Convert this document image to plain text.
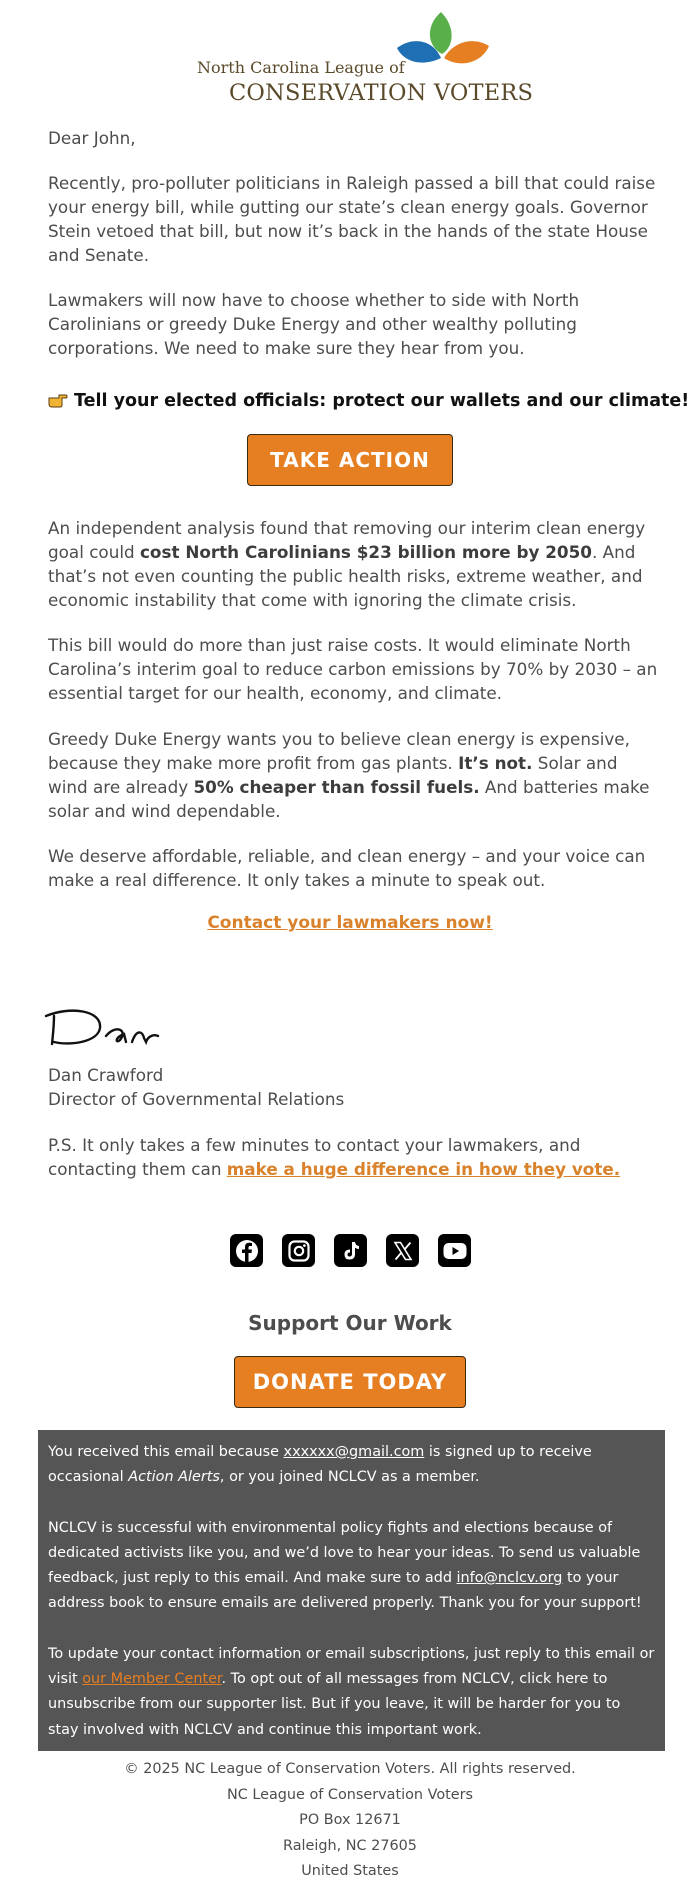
North Carolina League of
CONSERVATION VOTERS

Dear John,

Recently, pro-polluter politicians in Raleigh passed a bill that could raise your energy bill, while gutting our state’s clean energy goals. Governor Stein vetoed that bill, but now it’s back in the hands of the state House and Senate.

Lawmakers will now have to choose whether to side with North Carolinians or greedy Duke Energy and other wealthy polluting corporations. We need to make sure they hear from you.

Tell your elected officials: protect our wallets and our climate!
TAKE ACTION

An independent analysis found that removing our interim clean energy goal could cost North Carolinians $23 billion more by 2050. And that’s not even counting the public health risks, extreme weather, and economic instability that come with ignoring the climate crisis.

This bill would do more than just raise costs. It would eliminate North Carolina’s interim goal to reduce carbon emissions by 70% by 2030 – an essential target for our health, economy, and climate.

Greedy Duke Energy wants you to believe clean energy is expensive, because they make more profit from gas plants. It’s not. Solar and wind are already 50% cheaper than fossil fuels. And batteries make solar and wind dependable.

We deserve affordable, reliable, and clean energy – and your voice can make a real difference. It only takes a minute to speak out.

Contact your lawmakers now!

Dan Crawford

Director of Governmental Relations

P.S. It only takes a few minutes to contact your lawmakers, and contacting them can make a huge difference in how they vote.

Support Our Work
DONATE TODAY

You received this email because xxxxxx@gmail.com is signed up to receive occasional Action Alerts, or you joined NCLCV as a member.

NCLCV is successful with environmental policy fights and elections because of dedicated activists like you, and we’d love to hear your ideas. To send us valuable feedback, just reply to this email. And make sure to add info@nclcv.org to your address book to ensure emails are delivered properly. Thank you for your support!

To update your contact information or email subscriptions, just reply to this email or visit our Member Center. To opt out of all messages from NCLCV, click here to unsubscribe from our supporter list. But if you leave, it will be harder for you to stay involved with NCLCV and continue this important work.

© 2025 NC League of Conservation Voters. All rights reserved.
NC League of Conservation Voters
PO Box 12671
Raleigh, NC 27605
United States
